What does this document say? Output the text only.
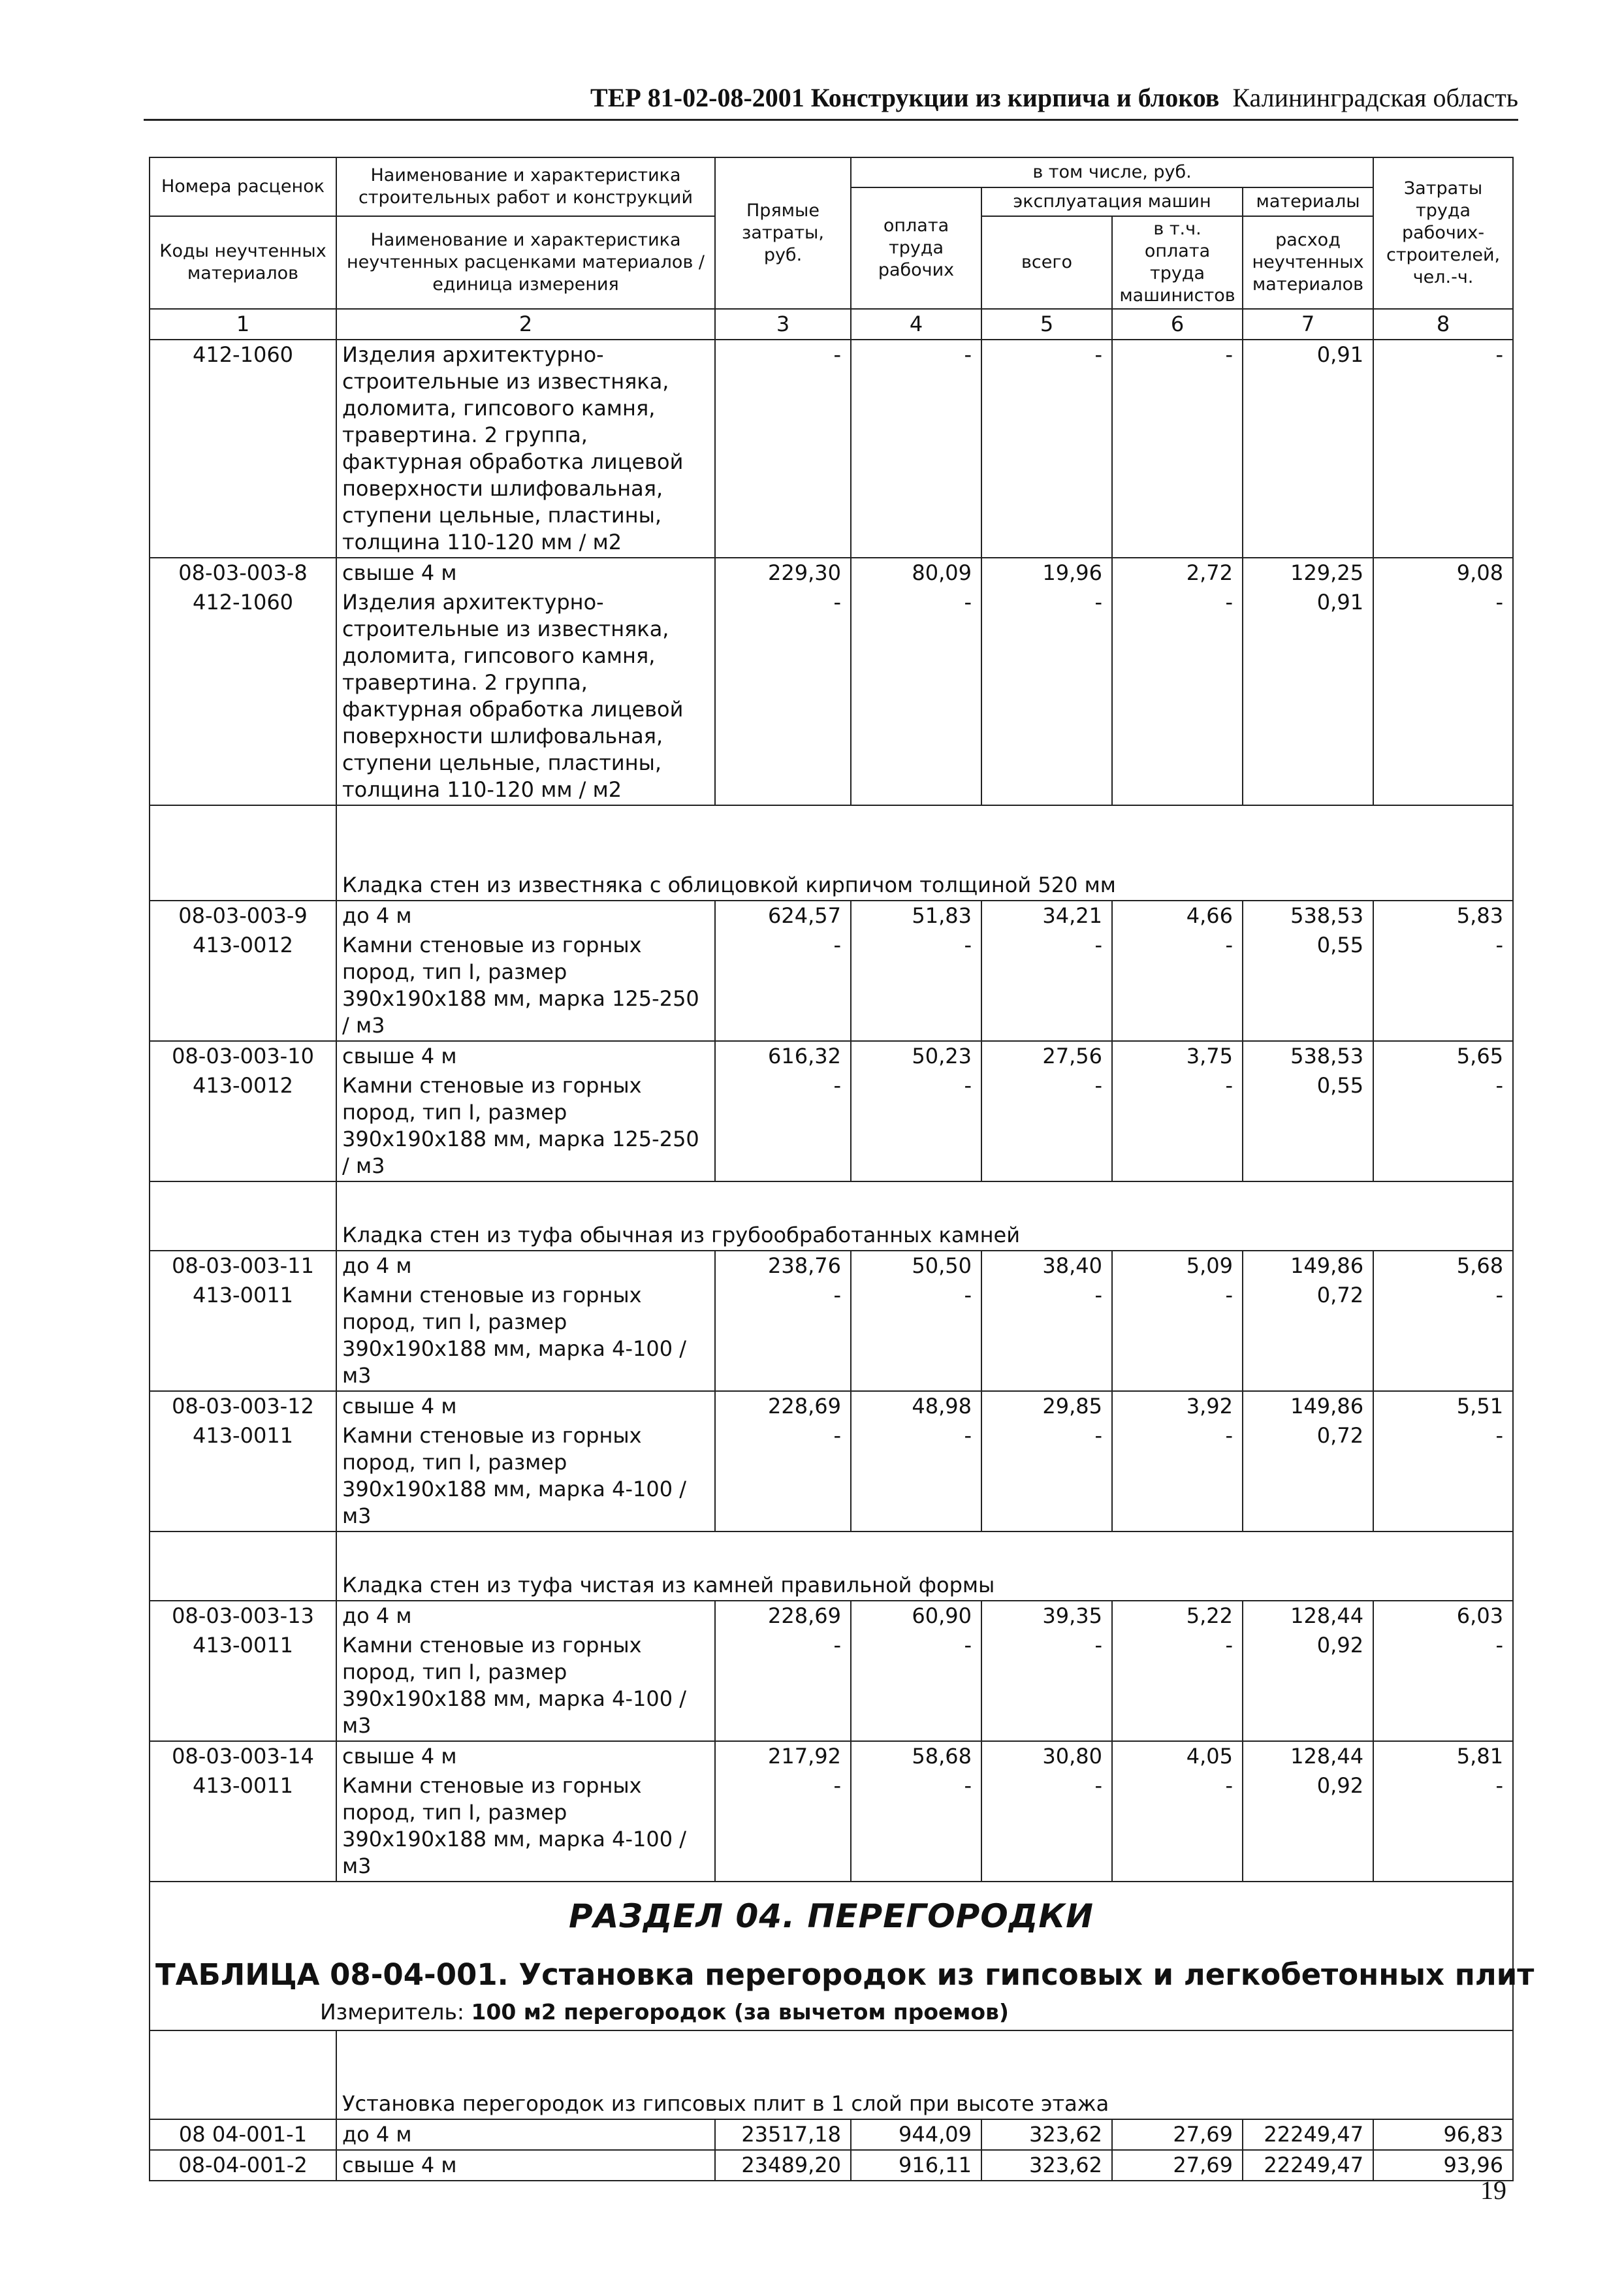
ТЕР 81-02-08-2001 Конструкции из кирпича и блоков Калининградская область
Номера расценок	Наименование и характеристика строительных работ и конструкций	Прямые затраты, руб.	в том числе, руб.				Затраты труда рабочих-строителей, чел.-ч.
			оплата труда рабочих	эксплуатация машин		материалы	
Коды неучтенных материалов	Наименование и характеристика неучтенных расценками материалов / единица измерения			всего	в т.ч. оплата труда машинистов	расход неучтенных материалов	

1	2	3	4	5	6	7	8
412-1060	Изделия архитектурно-строительные из известняка, доломита, гипсового камня, травертина. 2 группа, фактурная обработка лицевой поверхности шлифовальная, ступени цельные, пластины, толщина 110-120 мм / м2	-	-	-	-	0,91	-
08-03-003-8	свыше 4 м	229,30	80,09	19,96	2,72	129,25	9,08
412-1060	Изделия архитектурно-строительные из известняка, доломита, гипсового камня, травертина. 2 группа, фактурная обработка лицевой поверхности шлифовальная, ступени цельные, пластины, толщина 110-120 мм / м2	-	-	-	-	0,91	-
	Кладка стен из известняка с облицовкой кирпичом толщиной 520 мм						
08-03-003-9	до 4 м	624,57	51,83	34,21	4,66	538,53	5,83
413-0012	Камни стеновые из горных пород, тип I, размер 390х190х188 мм, марка 125-250 / м3	-	-	-	-	0,55	-
08-03-003-10	свыше 4 м	616,32	50,23	27,56	3,75	538,53	5,65
413-0012	Камни стеновые из горных пород, тип I, размер 390х190х188 мм, марка 125-250 / м3	-	-	-	-	0,55	-
	Кладка стен из туфа обычная из грубообработанных камней						
08-03-003-11	до 4 м	238,76	50,50	38,40	5,09	149,86	5,68
413-0011	Камни стеновые из горных пород, тип I, размер 390х190х188 мм, марка 4-100 / м3	-	-	-	-	0,72	-
08-03-003-12	свыше 4 м	228,69	48,98	29,85	3,92	149,86	5,51
413-0011	Камни стеновые из горных пород, тип I, размер 390х190х188 мм, марка 4-100 / м3	-	-	-	-	0,72	-
	Кладка стен из туфа чистая из камней правильной формы						
08-03-003-13	до 4 м	228,69	60,90	39,35	5,22	128,44	6,03
413-0011	Камни стеновые из горных пород, тип I, размер 390х190х188 мм, марка 4-100 / м3	-	-	-	-	0,92	-
08-03-003-14	свыше 4 м	217,92	58,68	30,80	4,05	128,44	5,81
413-0011	Камни стеновые из горных пород, тип I, размер 390х190х188 мм, марка 4-100 / м3	-	-	-	-	0,92	-

РАЗДЕЛ 04. ПЕРЕГОРОДКИ
ТАБЛИЦА 08-04-001. Установка перегородок из гипсовых и легкобетонных плит
Измеритель: 100 м2 перегородок (за вычетом проемов)							

	Установка перегородок из гипсовых плит в 1 слой при высоте этажа						
08 04-001-1	до 4 м	23517,18	944,09	323,62	27,69	22249,47	96,83
08-04-001-2	свыше 4 м	23489,20	916,11	323,62	27,69	22249,47	93,96
19
